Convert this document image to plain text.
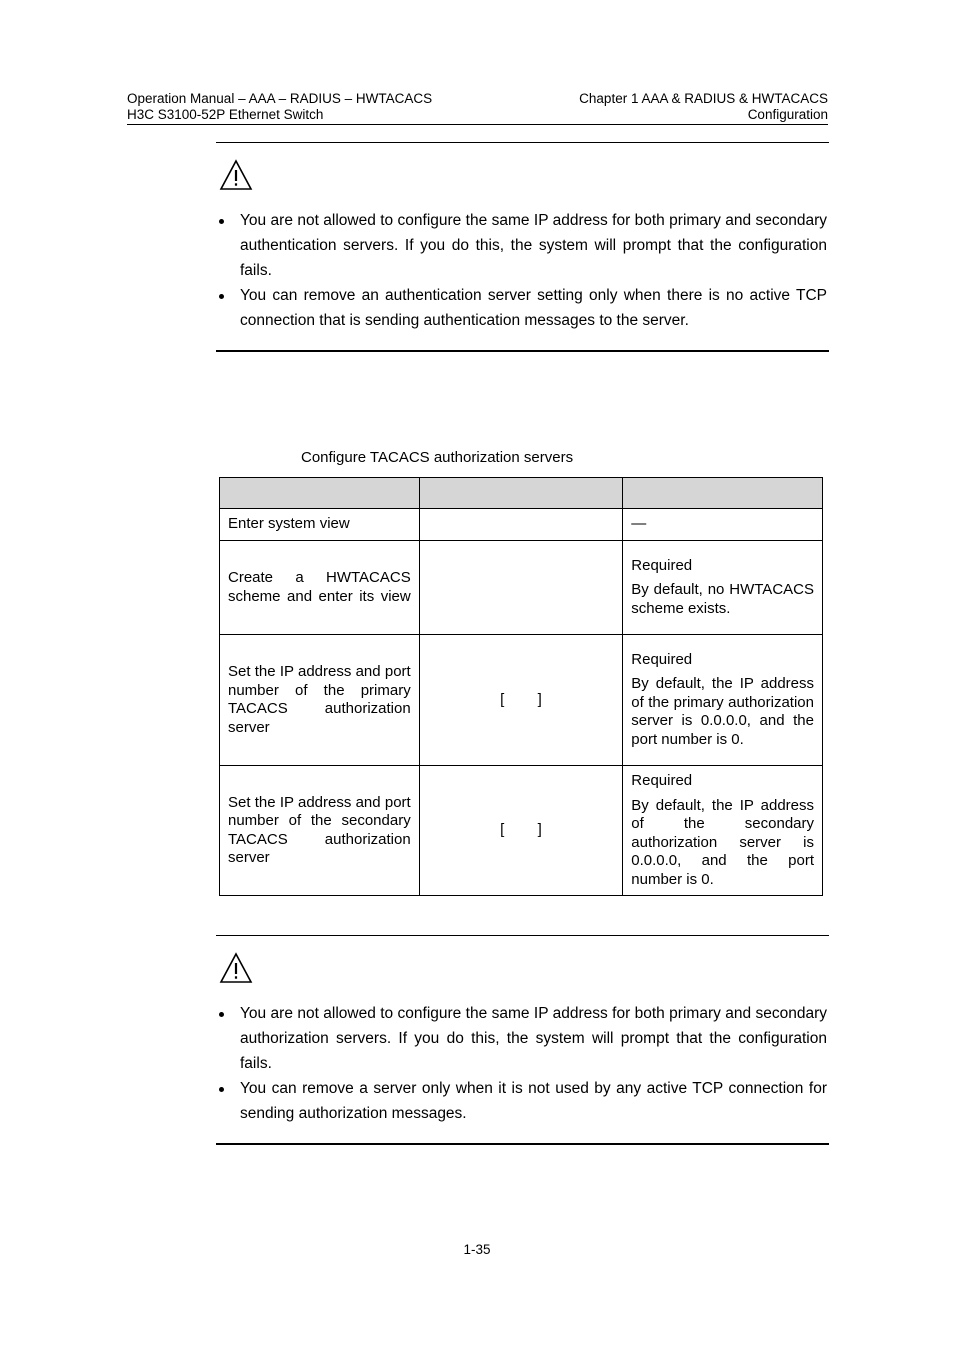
Operation Manual – AAA – RADIUS – HWTACACS
H3C S3100-52P Ethernet Switch
Chapter 1 AAA & RADIUS & HWTACACS
Configuration
You are not allowed to configure the same IP address for both primary and secondary authentication servers. If you do this, the system will prompt that the configuration fails.
You can remove an authentication server setting only when there is no active TCP connection that is sending authentication messages to the server.
Configure TACACS authorization servers

Enter system view		—
Create a HWTACACS scheme and enter its view		Required
By default, no HWTACACS scheme exists.

Set the IP address and port number of the primary TACACS authorization server	[        ]	Required
By default, the IP address of the primary authorization server is 0.0.0.0, and the port number is 0.

Set the IP address and port number of the secondary TACACS authorization server	[        ]	Required
By default, the IP address of the secondary authorization server is 0.0.0.0, and the port number is 0.
You are not allowed to configure the same IP address for both primary and secondary authorization servers. If you do this, the system will prompt that the configuration fails.
You can remove a server only when it is not used by any active TCP connection for sending authorization messages.
1-35
